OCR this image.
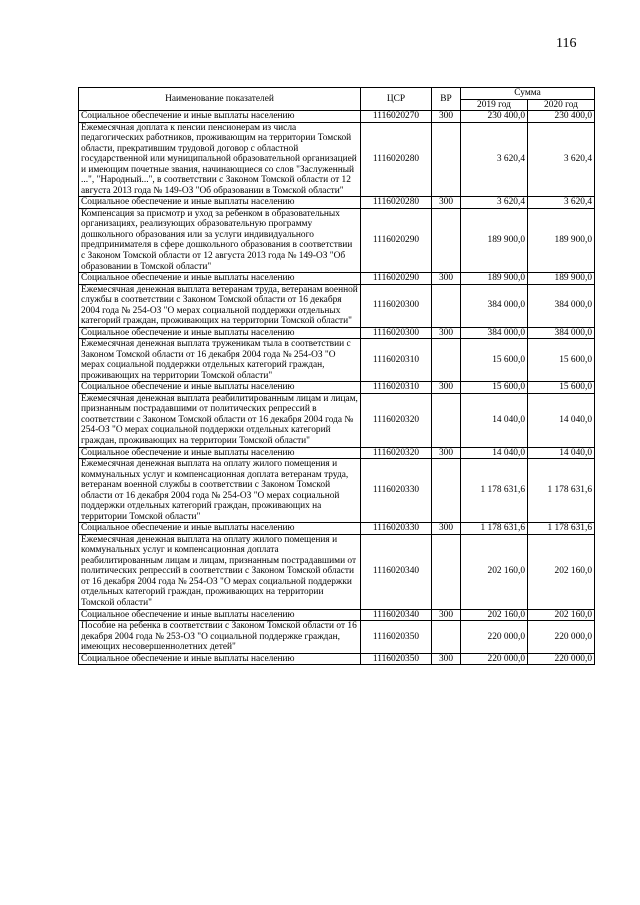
116
Наименование показателей	ЦСР	ВР	Сумма	
			2019 год	2020 год
Социальное обеспечение и иные выплаты населению	1116020270	300	230 400,0	230 400,0
Ежемесячная доплата к пенсии пенсионерам из числа педагогических работников, проживающим на территории Томской области, прекратившим трудовой договор с областной государственной или муниципальной образовательной организацией и имеющим почетные звания, начинающиеся со слов "Заслуженный ...", "Народный...", в соответствии с Законом Томской области от 12 августа 2013 года № 149-ОЗ "Об образовании в Томской области"	1116020280		3 620,4	3 620,4
Социальное обеспечение и иные выплаты населению	1116020280	300	3 620,4	3 620,4
Компенсация за присмотр и уход за ребенком в образовательных организациях, реализующих образовательную программу дошкольного образования или за услуги индивидуального предпринимателя в сфере дошкольного образования в соответствии с Законом Томской области от 12 августа 2013 года № 149-ОЗ "Об образовании в Томской области"	1116020290		189 900,0	189 900,0
Социальное обеспечение и иные выплаты населению	1116020290	300	189 900,0	189 900,0
Ежемесячная денежная выплата ветеранам труда, ветеранам военной службы в соответствии с Законом Томской области от 16 декабря 2004 года № 254-ОЗ "О мерах социальной поддержки отдельных категорий граждан, проживающих на территории Томской области"	1116020300		384 000,0	384 000,0
Социальное обеспечение и иные выплаты населению	1116020300	300	384 000,0	384 000,0
Ежемесячная денежная выплата труженикам тыла в соответствии с Законом Томской области от 16 декабря 2004 года № 254-ОЗ "О мерах социальной поддержки отдельных категорий граждан, проживающих на территории Томской области"	1116020310		15 600,0	15 600,0
Социальное обеспечение и иные выплаты населению	1116020310	300	15 600,0	15 600,0
Ежемесячная денежная выплата реабилитированным лицам и лицам, признанным пострадавшими от политических репрессий в соответствии с Законом Томской области от 16 декабря 2004 года № 254-ОЗ "О мерах социальной поддержки отдельных категорий граждан, проживающих на территории Томской области"	1116020320		14 040,0	14 040,0
Социальное обеспечение и иные выплаты населению	1116020320	300	14 040,0	14 040,0
Ежемесячная денежная выплата на оплату жилого помещения и коммунальных услуг и компенсационная доплата ветеранам труда, ветеранам военной службы в соответствии с Законом Томской области от 16 декабря 2004 года № 254-ОЗ "О мерах социальной поддержки отдельных категорий граждан, проживающих на территории Томской области"	1116020330		1 178 631,6	1 178 631,6
Социальное обеспечение и иные выплаты населению	1116020330	300	1 178 631,6	1 178 631,6
Ежемесячная денежная выплата на оплату жилого помещения и коммунальных услуг и компенсационная доплата реабилитированным лицам и лицам, признанным пострадавшими от политических репрессий в соответствии с Законом Томской области от 16 декабря 2004 года № 254-ОЗ "О мерах социальной поддержки отдельных категорий граждан, проживающих на территории Томской области"	1116020340		202 160,0	202 160,0
Социальное обеспечение и иные выплаты населению	1116020340	300	202 160,0	202 160,0
Пособие на ребенка в соответствии с Законом Томской области от 16 декабря 2004 года № 253-ОЗ "О социальной поддержке граждан, имеющих несовершеннолетних детей"	1116020350		220 000,0	220 000,0
Социальное обеспечение и иные выплаты населению	1116020350	300	220 000,0	220 000,0
